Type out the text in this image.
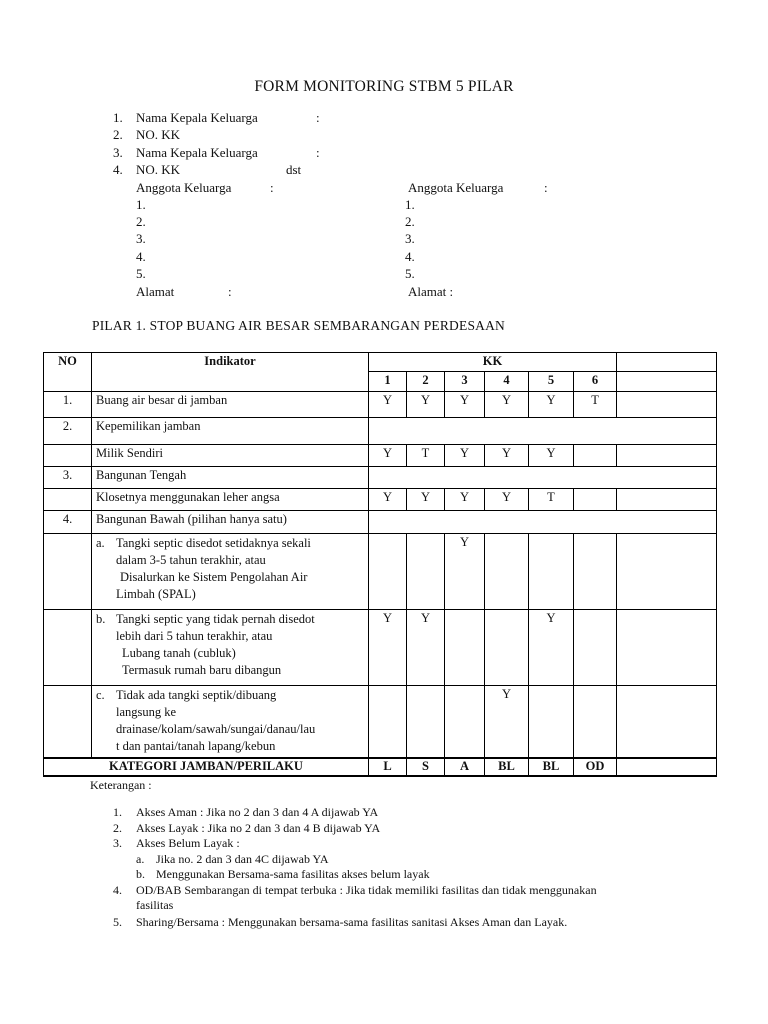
FORM MONITORING STBM 5 PILAR
1. Nama Kepala Keluarga	:
2. NO. KK
3. Nama Kepala Keluarga	:
4. NO. KK	dst
Anggota Keluarga	:	Anggota Keluarga	:
1.
2.
3.
4.
5.
1.
2.
3.
4.
5.
Alamat	:	Alamat :
PILAR 1. STOP BUANG AIR BESAR SEMBARANGAN PERDESAAN
NO	Indikator	KK						
		1	2	3	4	5	6	
1.	Buang air besar di jamban	Y	Y	Y	Y	Y	T	
2.	Kepemilikan jamban							
	Milik Sendiri	Y	T	Y	Y	Y		
3.	Bangunan Tengah							
	Klosetnya menggunakan leher angsa	Y	Y	Y	Y	T		
4.	Bangunan Bawah (pilihan hanya satu)							

	a. Tangki septic disedot setidaknya sekali
dalam 3-5 tahun terakhir, atau
Disalurkan ke Sistem Pengolahan Air
Limbah (SPAL)			Y				

	b. Tangki septic yang tidak pernah disedot
lebih dari 5 tahun terakhir, atau
Lubang tanah (cubluk)
Termasuk rumah baru dibangun	Y	Y			Y		

	c. Tidak ada tangki septik/dibuang
langsung ke
drainase/kolam/sawah/sungai/danau/lau
t dan pantai/tanah lapang/kebun				Y			
KATEGORI JAMBAN/PERILAKU		L	S	A	BL	BL	OD	
Keterangan :
1. Akses Aman : Jika no 2 dan 3 dan 4 A dijawab YA
2. Akses Layak : Jika no 2 dan 3 dan 4 B dijawab YA
3. Akses Belum Layak :
a. Jika no. 2 dan 3 dan 4C dijawab YA
b. Menggunakan Bersama-sama fasilitas akses belum layak
4. OD/BAB Sembarangan di tempat terbuka : Jika tidak memiliki fasilitas dan tidak menggunakan
fasilitas
5. Sharing/Bersama : Menggunakan bersama-sama fasilitas sanitasi Akses Aman dan Layak.
